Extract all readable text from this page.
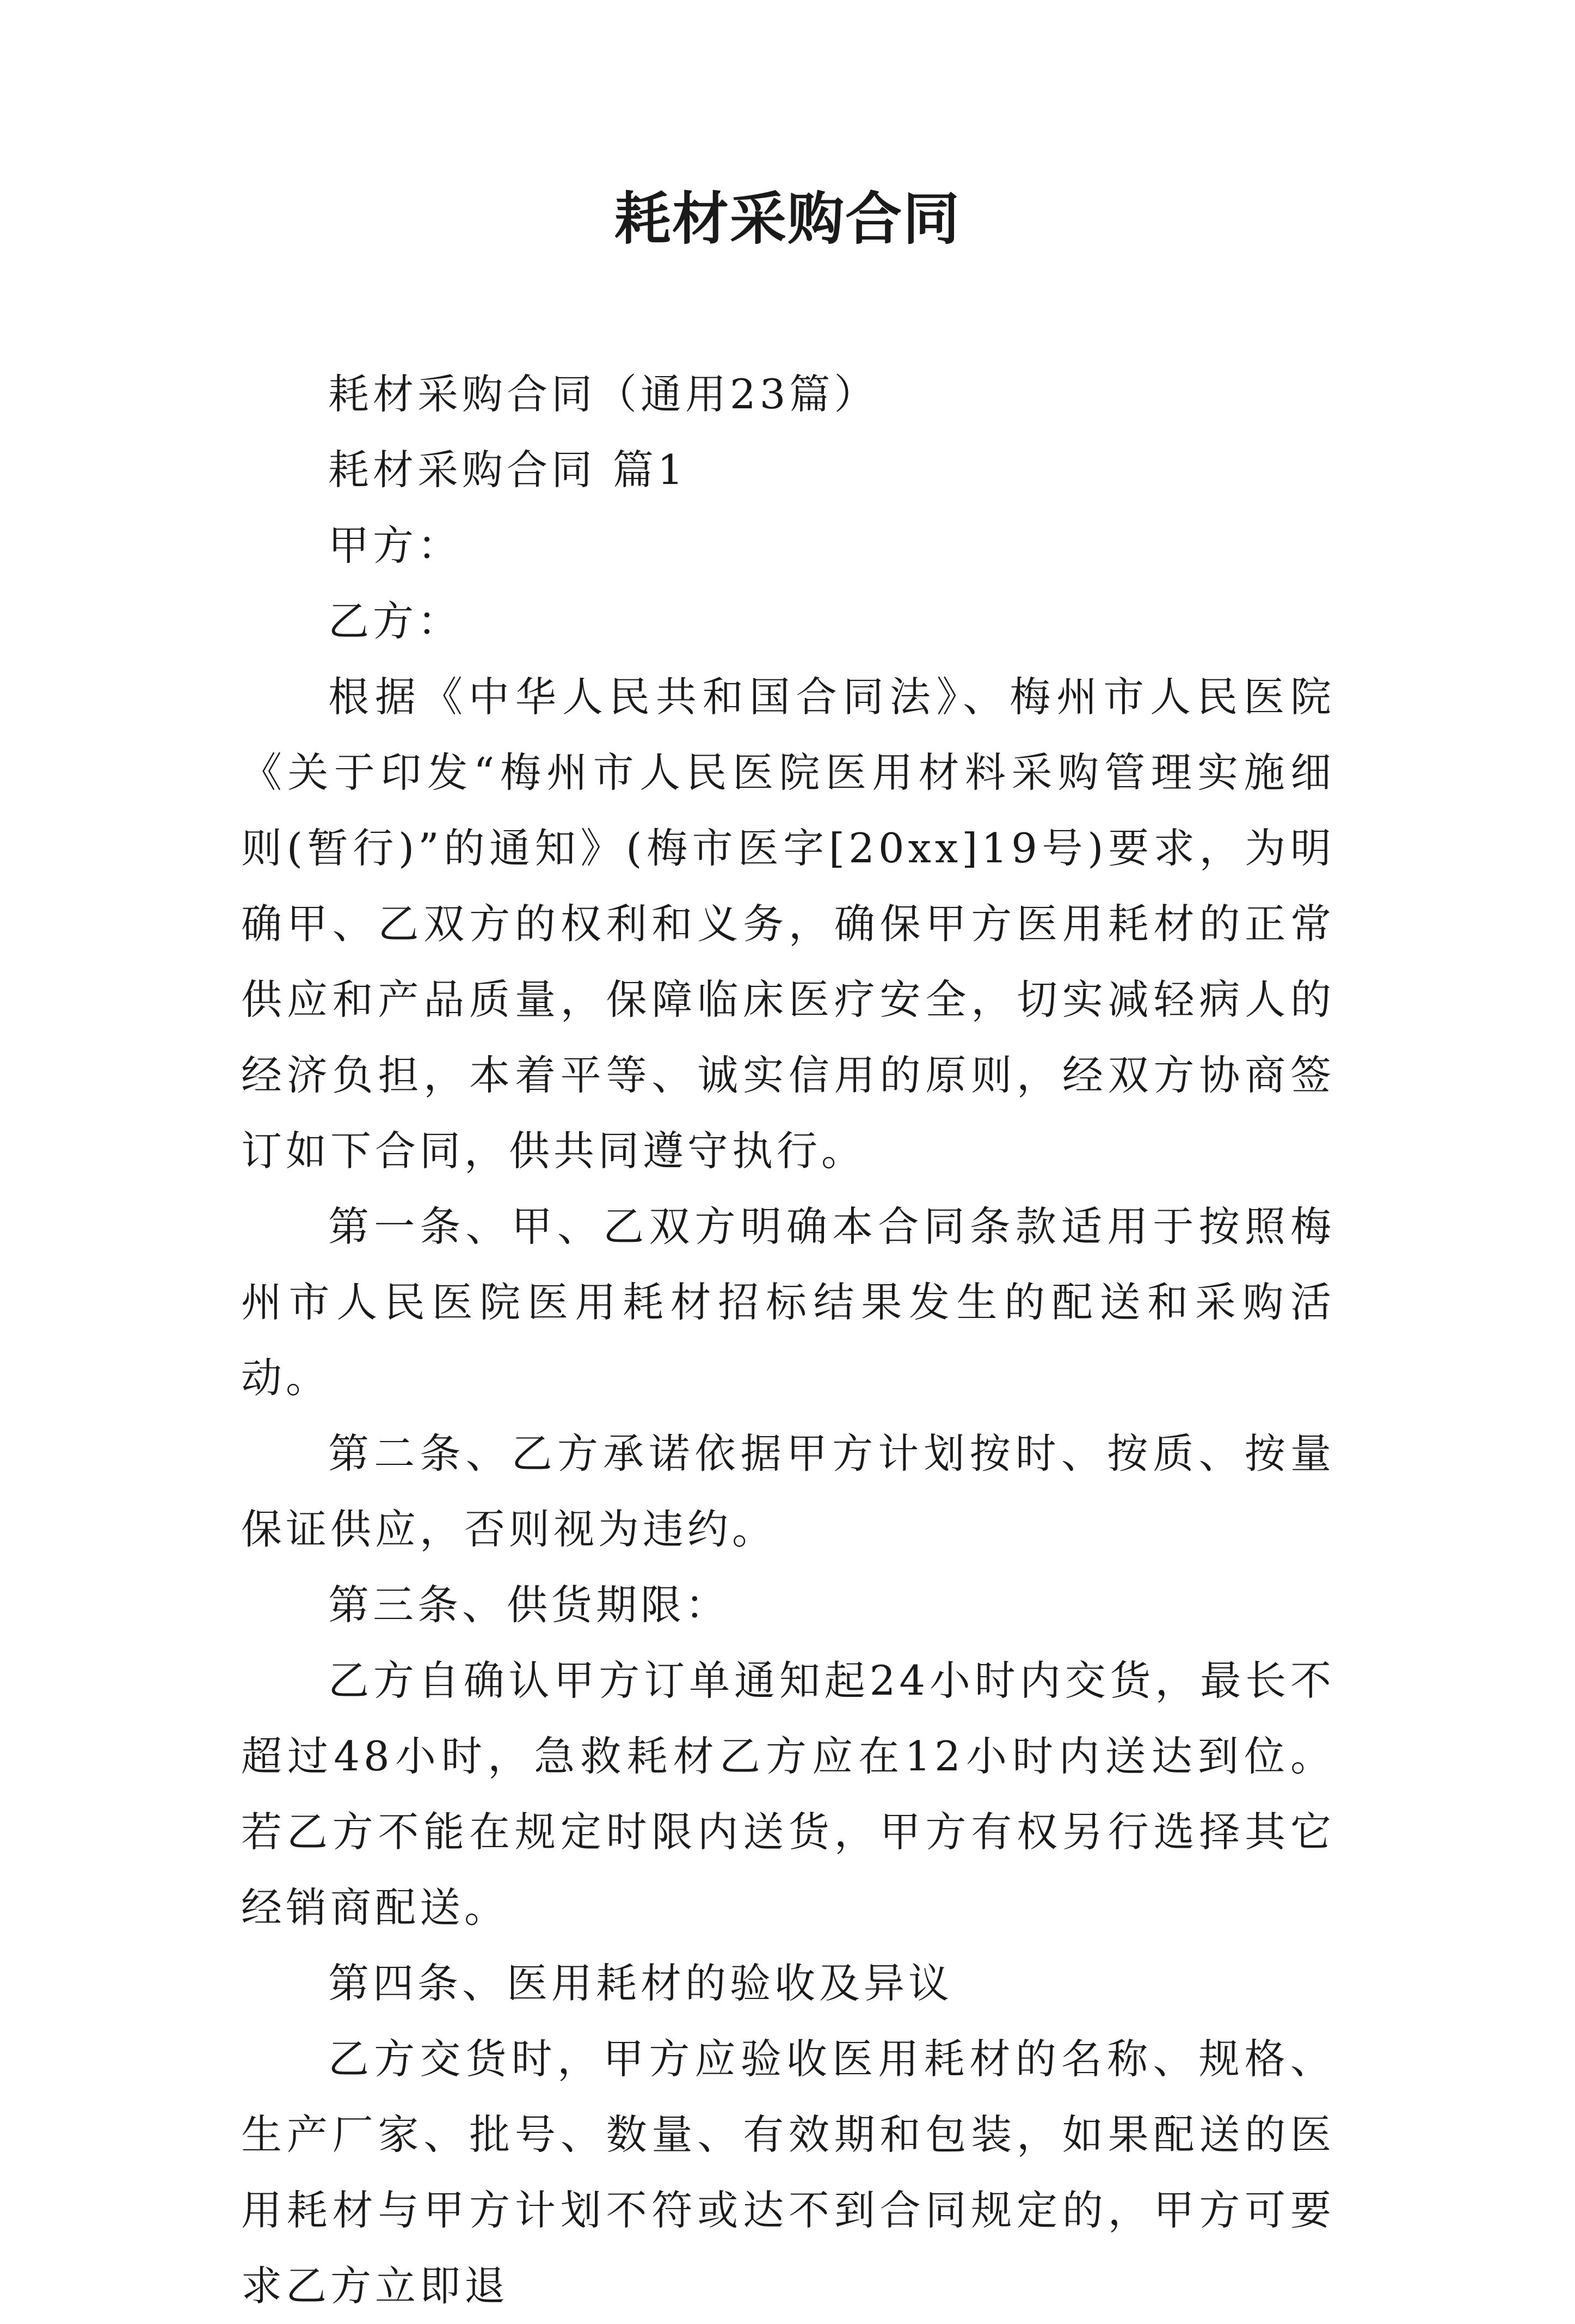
耗材采购合同

耗材采购合同（通用23篇）

耗材采购合同 篇1

甲方：

乙方：

根据《中华人民共和国合同法》、梅州市人民医院《关于印发“梅州市人民医院医用材料采购管理实施细则(暂行)”的通知》(梅市医字[20xx]19号)要求，为明确甲、乙双方的权利和义务，确保甲方医用耗材的正常供应和产品质量，保障临床医疗安全，切实减轻病人的经济负担，本着平等、诚实信用的原则，经双方协商签订如下合同，供共同遵守执行。

第一条、甲、乙双方明确本合同条款适用于按照梅州市人民医院医用耗材招标结果发生的配送和采购活动。

第二条、乙方承诺依据甲方计划按时、按质、按量保证供应，否则视为违约。

第三条、供货期限：

乙方自确认甲方订单通知起24小时内交货，最长不超过48小时，急救耗材乙方应在12小时内送达到位。若乙方不能在规定时限内送货，甲方有权另行选择其它经销商配送。

第四条、医用耗材的验收及异议

乙方交货时，甲方应验收医用耗材的名称、规格、生产厂家、批号、数量、有效期和包装，如果配送的医用耗材与甲方计划不符或达不到合同规定的，甲方可要求乙方立即退
